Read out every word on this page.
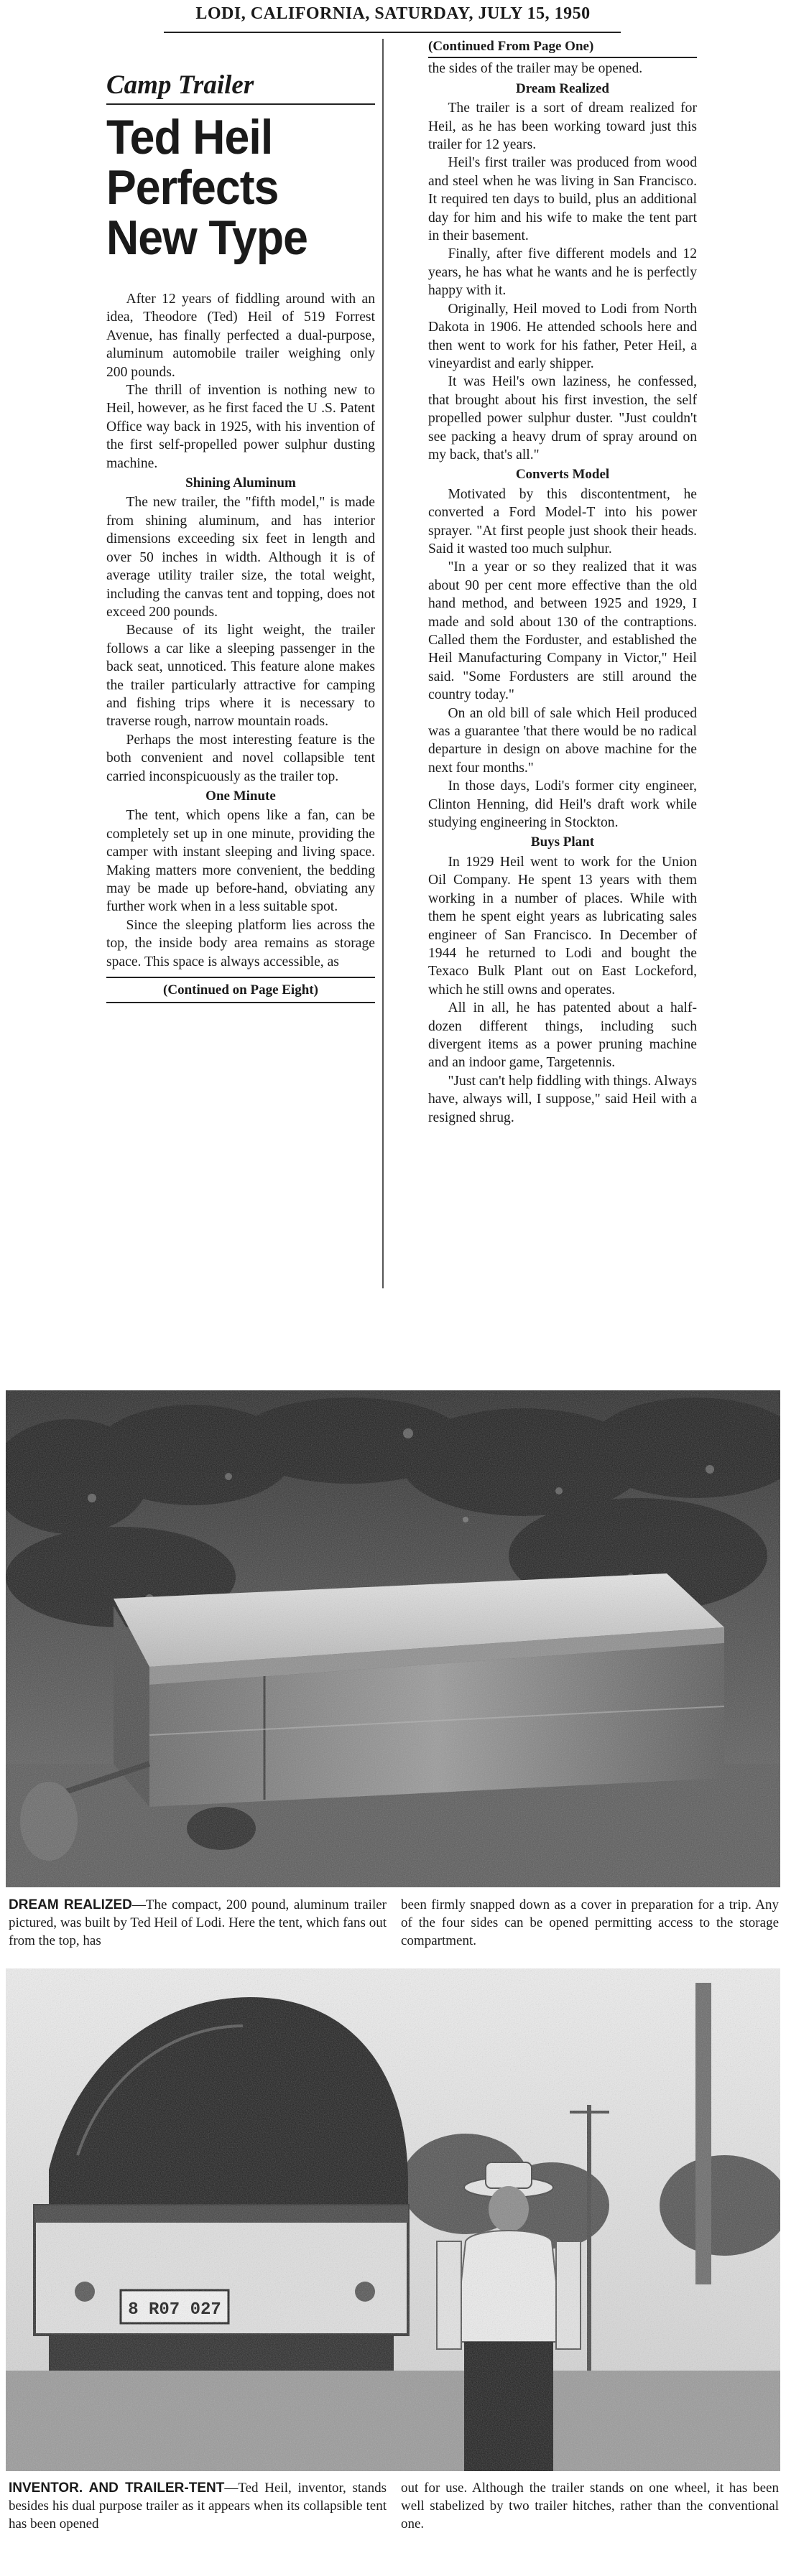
LODI, CALIFORNIA, SATURDAY, JULY 15, 1950
Camp Trailer
Ted Heil Perfects New Type

After 12 years of fiddling around with an idea, Theodore (Ted) Heil of 519 Forrest Avenue, has finally perfected a dual-purpose, aluminum automobile trailer weighing only 200 pounds.

The thrill of invention is nothing new to Heil, however, as he first faced the U .S. Patent Office way back in 1925, with his invention of the first self-propelled power sulphur dusting machine.

Shining Aluminum

The new trailer, the "fifth model," is made from shining aluminum, and has interior dimensions exceeding six feet in length and over 50 inches in width. Although it is of average utility trailer size, the total weight, including the canvas tent and topping, does not exceed 200 pounds.

Because of its light weight, the trailer follows a car like a sleeping passenger in the back seat, unnoticed. This feature alone makes the trailer particularly attractive for camping and fishing trips where it is necessary to traverse rough, narrow mountain roads.

Perhaps the most interesting feature is the both convenient and novel collapsible tent carried inconspicuously as the trailer top.

One Minute

The tent, which opens like a fan, can be completely set up in one minute, providing the camper with instant sleeping and living space. Making matters more convenient, the bedding may be made up before-hand, obviating any further work when in a less suitable spot.

Since the sleeping platform lies across the top, the inside body area remains as storage space. This space is always accessible, as

(Continued on Page Eight)
(Continued From Page One)

the sides of the trailer may be opened.

Dream Realized

The trailer is a sort of dream realized for Heil, as he has been working toward just this trailer for 12 years.

Heil's first trailer was produced from wood and steel when he was living in San Francisco. It required ten days to build, plus an additional day for him and his wife to make the tent part in their basement.

Finally, after five different models and 12 years, he has what he wants and he is perfectly happy with it.

Originally, Heil moved to Lodi from North Dakota in 1906. He attended schools here and then went to work for his father, Peter Heil, a vineyardist and early shipper.

It was Heil's own laziness, he confessed, that brought about his first investion, the self propelled power sulphur duster. "Just couldn't see packing a heavy drum of spray around on my back, that's all."

Converts Model

Motivated by this discontentment, he converted a Ford Model-T into his power sprayer. "At first people just shook their heads. Said it wasted too much sulphur.

"In a year or so they realized that it was about 90 per cent more effective than the old hand method, and between 1925 and 1929, I made and sold about 130 of the contraptions. Called them the Forduster, and established the Heil Manufacturing Company in Victor," Heil said. "Some Fordusters are still around the country today."

On an old bill of sale which Heil produced was a guarantee 'that there would be no radical departure in design on above machine for the next four months."

In those days, Lodi's former city engineer, Clinton Henning, did Heil's draft work while studying engineering in Stockton.

Buys Plant

In 1929 Heil went to work for the Union Oil Company. He spent 13 years with them working in a number of places. While with them he spent eight years as lubricating sales engineer of San Francisco. In December of 1944 he returned to Lodi and bought the Texaco Bulk Plant out on East Lockeford, which he still owns and operates.

All in all, he has patented about a half-dozen different things, including such divergent items as a power pruning machine and an indoor game, Targetennis.

"Just can't help fiddling with things. Always have, always will, I suppose," said Heil with a resigned shrug.

DREAM REALIZED—The compact, 200 pound, aluminum trailer pictured, was built by Ted Heil of Lodi. Here the tent, which fans out from the top, has
been firmly snapped down as a cover in preparation for a trip. Any of the four sides can be opened permitting access to the storage compartment.
INVENTOR. AND TRAILER-TENT—Ted Heil, inventor, stands besides his dual purpose trailer as it appears when its collapsible tent has been opened
out for use. Although the trailer stands on one wheel, it has been well stabelized by two trailer hitches, rather than the conventional one.
